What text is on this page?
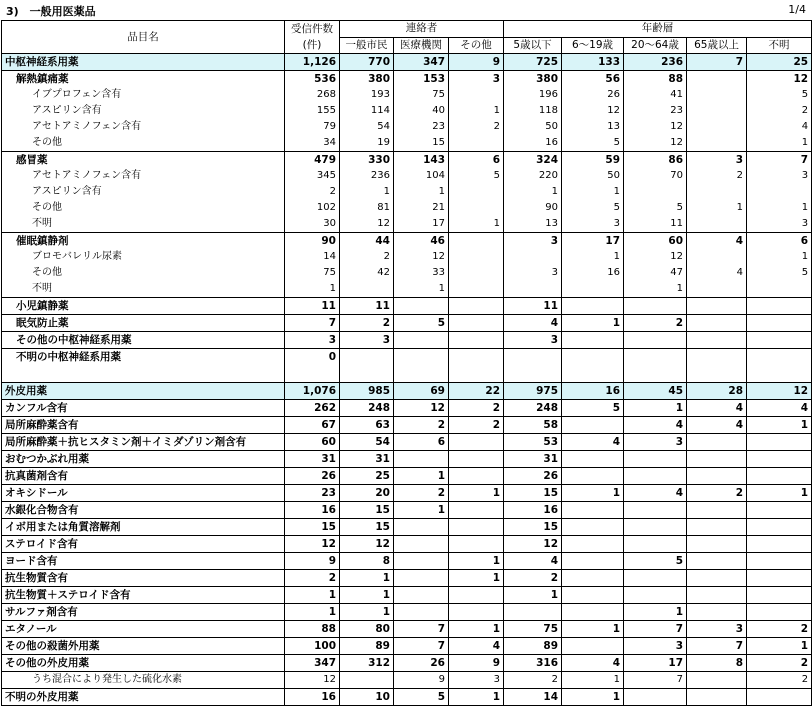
3)　一般用医薬品	1/4
品目名	受信件数
(件)	連絡者			年齢層				
		一般市民	医療機関	その他	5歳以下	6～19歳	20～64歳	65歳以上	不明
中枢神経系用薬	1,126	770	347	9	725	133	236	7	25
解熱鎮痛薬	536	380	153	3	380	56	88		12
イブプロフェン含有	268	193	75		196	26	41		5
アスピリン含有	155	114	40	1	118	12	23		2
アセトアミノフェン含有	79	54	23	2	50	13	12		4
その他	34	19	15		16	5	12		1
感冒薬	479	330	143	6	324	59	86	3	7
アセトアミノフェン含有	345	236	104	5	220	50	70	2	3
アスピリン含有	2	1	1		1	1			
その他	102	81	21		90	5	5	1	1
不明	30	12	17	1	13	3	11		3
催眠鎮静剤	90	44	46		3	17	60	4	6
ブロモバレリル尿素	14	2	12			1	12		1
その他	75	42	33		3	16	47	4	5
不明	1		1				1		
小児鎮静薬	11	11			11				
眠気防止薬	7	2	5		4	1	2		
その他の中枢神経系用薬	3	3			3				
不明の中枢神経系用薬	0								

外皮用薬	1,076	985	69	22	975	16	45	28	12
カンフル含有	262	248	12	2	248	5	1	4	4
局所麻酔薬含有	67	63	2	2	58		4	4	1
局所麻酔薬＋抗ヒスタミン剤＋イミダゾリン剤含有	60	54	6		53	4	3		
おむつかぶれ用薬	31	31			31				
抗真菌剤含有	26	25	1		26				
オキシドール	23	20	2	1	15	1	4	2	1
水銀化合物含有	16	15	1		16				
イボ用または角質溶解剤	15	15			15				
ステロイド含有	12	12			12				
ヨード含有	9	8		1	4		5		
抗生物質含有	2	1		1	2				
抗生物質＋ステロイド含有	1	1			1				
サルファ剤含有	1	1					1		
エタノール	88	80	7	1	75	1	7	3	2
その他の殺菌外用薬	100	89	7	4	89		3	7	1
その他の外皮用薬	347	312	26	9	316	4	17	8	2
うち混合により発生した硫化水素	12		9	3	2	1	7		2
不明の外皮用薬	16	10	5	1	14	1			
